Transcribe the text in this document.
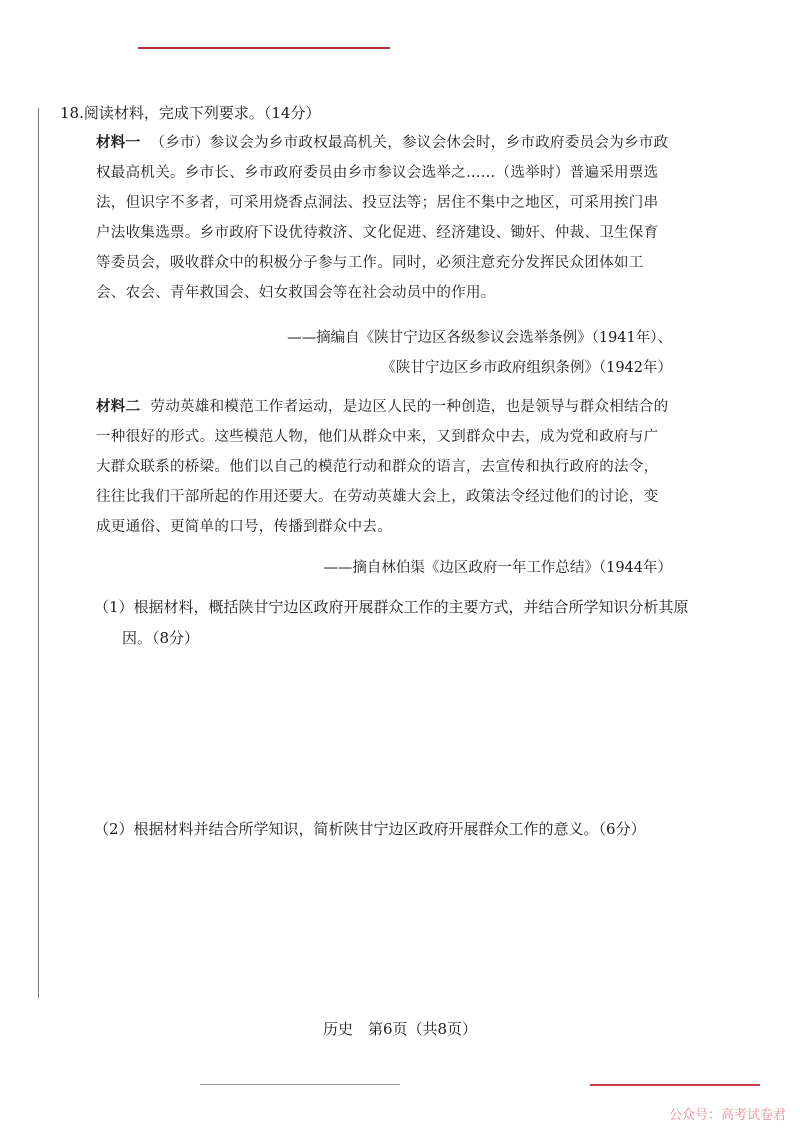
18.阅读材料，完成下列要求。（14分）
材料一 （乡市）参议会为乡市政权最高机关，参议会休会时，乡市政府委员会为乡市政权最高机关。乡市长、乡市政府委员由乡市参议会选举之……（选举时）普遍采用票选法，但识字不多者，可采用烧香点洞法、投豆法等；居住不集中之地区，可采用挨门串户法收集选票。乡市政府下设优待救济、文化促进、经济建设、锄奸、仲裁、卫生保育等委员会，吸收群众中的积极分子参与工作。同时，必须注意充分发挥民众团体如工会、农会、青年救国会、妇女救国会等在社会动员中的作用。
——摘编自《陕甘宁边区各级参议会选举条例》（1941年）、
《陕甘宁边区乡市政府组织条例》（1942年）
材料二 劳动英雄和模范工作者运动，是边区人民的一种创造，也是领导与群众相结合的一种很好的形式。这些模范人物，他们从群众中来，又到群众中去，成为党和政府与广大群众联系的桥梁。他们以自己的模范行动和群众的语言，去宣传和执行政府的法令，往往比我们干部所起的作用还要大。在劳动英雄大会上，政策法令经过他们的讨论，变成更通俗、更简单的口号，传播到群众中去。
——摘自林伯渠《边区政府一年工作总结》（1944年）
（1）根据材料，概括陕甘宁边区政府开展群众工作的主要方式，并结合所学知识分析其原
因。（8分）
（2）根据材料并结合所学知识，简析陕甘宁边区政府开展群众工作的意义。（6分）
历史　第6页（共8页）
公众号：高考试卷君
